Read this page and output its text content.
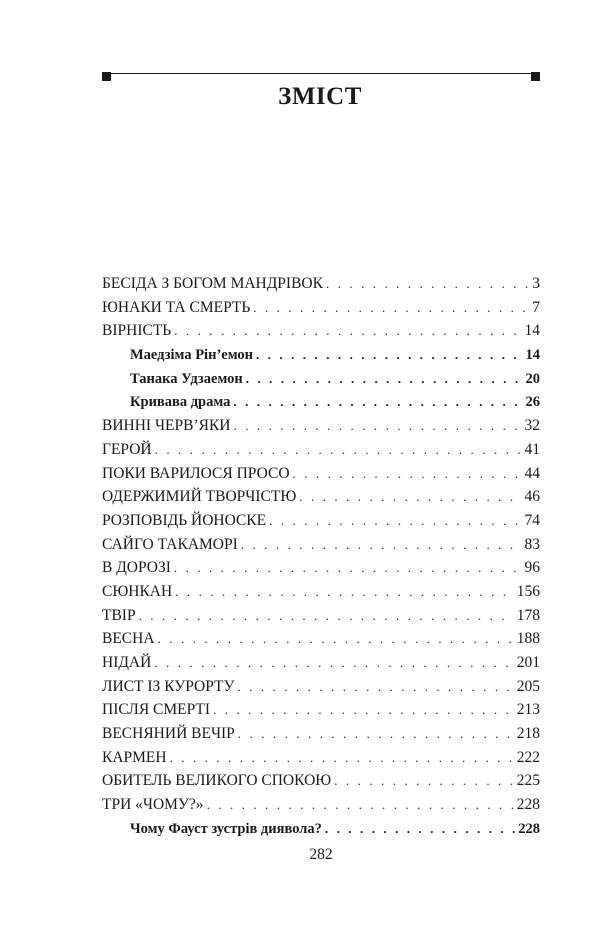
ЗМІСТ
БЕСІДА З БОГОМ МАНДРІВОК . . .	3
ЮНАКИ ТА СМЕРТЬ . . .	7
ВІРНІСТЬ . . .	14
Маедзіма Рін’емон . . .	14
Танака Удзаемон . . .	20
Кривава драма . . .	26
ВИННІ ЧЕРВ’ЯКИ . . .	32
ГЕРОЙ . . .	41
ПОКИ ВАРИЛОСЯ ПРОСО . . .	44
ОДЕРЖИМИЙ ТВОРЧІСТЮ . . .	46
РОЗПОВІДЬ ЙОНОСКЕ . . .	74
САЙГО ТАКАМОРІ . . .	83
В ДОРОЗІ . . .	96
СЮНКАН . . .	156
ТВІР . . .	178
ВЕСНА . . .	188
НІДАЙ . . .	201
ЛИСТ ІЗ КУРОРТУ . . .	205
ПІСЛЯ СМЕРТІ . . .	213
ВЕСНЯНИЙ ВЕЧІР . . .	218
КАРМЕН . . .	222
ОБИТЕЛЬ ВЕЛИКОГО СПОКОЮ . . .	225
ТРИ «ЧОМУ?» . . .	228
Чому Фауст зустрів диявола? . . .	228
282
